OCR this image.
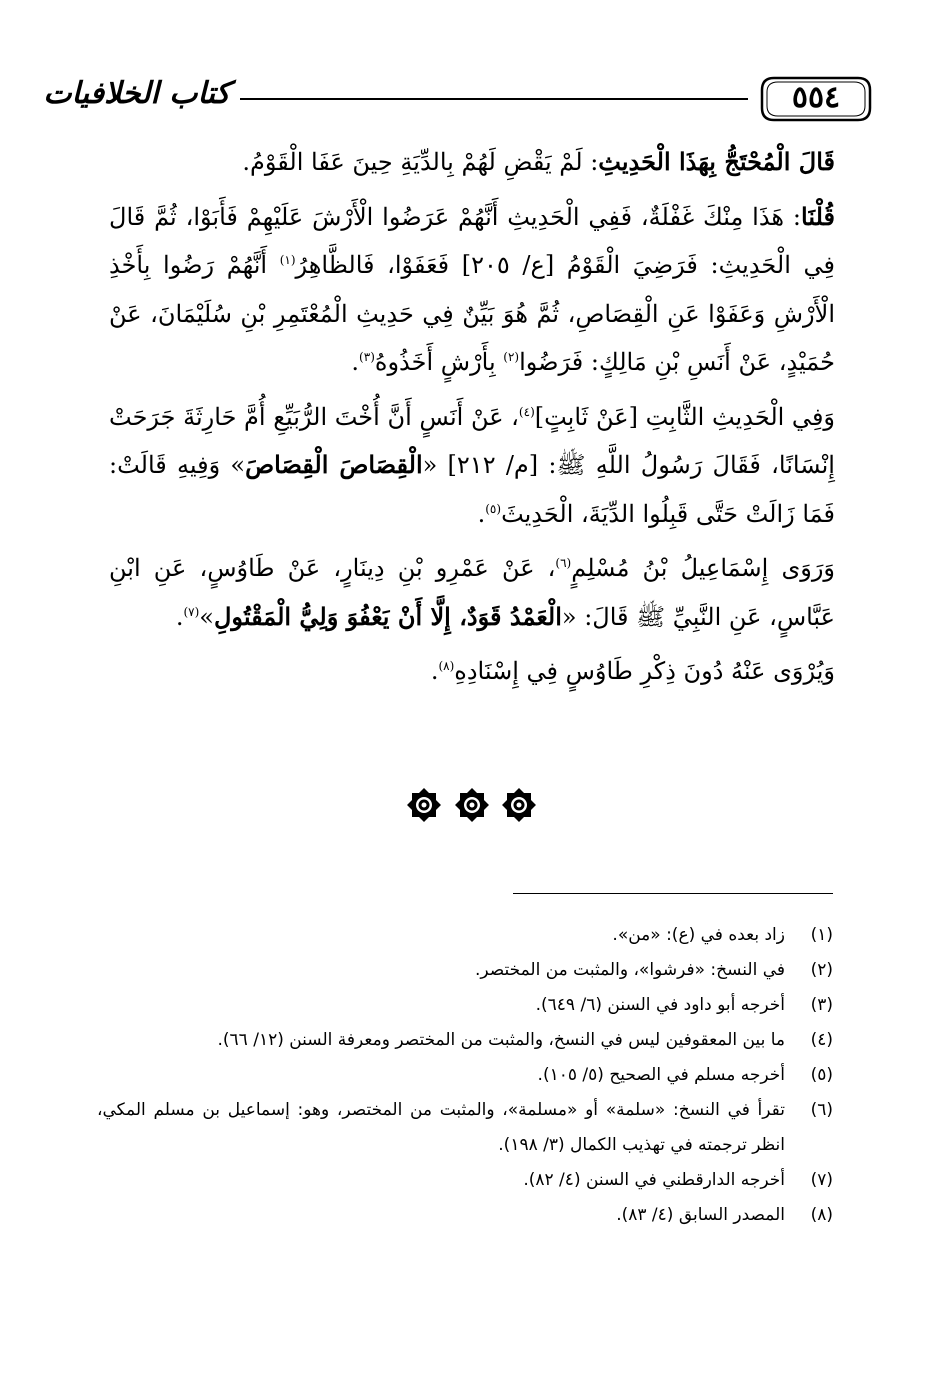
٥٥٤
كتاب الخلافيات

قَالَ الْمُحْتَجُّ بِهَذَا الْحَدِيثِ: لَمْ يَقْضِ لَهُمْ بِالدِّيَةِ حِينَ عَفَا الْقَوْمُ.

قُلْنَا: هَذَا مِنْكَ غَفْلَةٌ، فَفِي الْحَدِيثِ أَنَّهُمْ عَرَضُوا الْأَرْشَ عَلَيْهِمْ فَأَبَوْا، ثُمَّ قَالَ فِي الْحَدِيثِ: فَرَضِيَ الْقَوْمُ [ع/ ٢٠٥] فَعَفَوْا، فَالظَّاهِرُ$^{(١)}$ أَنَّهُمْ رَضُوا بِأَخْذِ الْأَرْشِ وَعَفَوْا عَنِ الْقِصَاصِ، ثُمَّ هُوَ بَيِّنٌ فِي حَدِيثِ الْمُعْتَمِرِ بْنِ سُلَيْمَانَ، عَنْ حُمَيْدٍ، عَنْ أَنَسِ بْنِ مَالِكٍ: فَرَضُوا$^{(٢)}$ بِأَرْشٍ أَخَذُوهُ$^{(٣)}$.

وَفِي الْحَدِيثِ الثَّابِتِ [عَنْ ثَابِتٍ]$^{(٤)}$، عَنْ أَنَسٍ أَنَّ أُخْتَ الرُّبَيِّعِ أُمَّ حَارِثَةَ جَرَحَتْ إِنْسَانًا، فَقَالَ رَسُولُ اللَّهِ ﷺ: [م/ ٢١٢] «الْقِصَاصَ الْقِصَاصَ» وَفِيهِ قَالَتْ: فَمَا زَالَتْ حَتَّى قَبِلُوا الدِّيَةَ، الْحَدِيثَ$^{(٥)}$.

وَرَوَى إِسْمَاعِيلُ بْنُ مُسْلِمٍ$^{(٦)}$، عَنْ عَمْرِو بْنِ دِينَارٍ، عَنْ طَاوُسٍ، عَنِ ابْنِ عَبَّاسٍ، عَنِ النَّبِيِّ ﷺ قَالَ: «الْعَمْدُ قَوَدٌ، إِلَّا أَنْ يَعْفُوَ وَلِيُّ الْمَقْتُولِ»$^{(٧)}$.

وَيُرْوَى عَنْهُ دُونَ ذِكْرِ طَاوُسٍ فِي إِسْنَادِهِ$^{(٨)}$.

(١)
زاد بعده في (ع): «من».
(٢)
في النسخ: «فرشوا»، والمثبت من المختصر.
(٣)
أخرجه أبو داود في السنن (٦/ ٦٤٩).
(٤)
ما بين المعقوفين ليس في النسخ، والمثبت من المختصر ومعرفة السنن (١٢/ ٦٦).
(٥)
أخرجه مسلم في الصحيح (٥/ ١٠٥).
(٦)
تقرأ في النسخ: «سلمة» أو «مسلمة»، والمثبت من المختصر، وهو: إسماعيل بن مسلم المكي، انظر ترجمته في تهذيب الكمال (٣/ ١٩٨).
(٧)
أخرجه الدارقطني في السنن (٤/ ٨٢).
(٨)
المصدر السابق (٤/ ٨٣).
